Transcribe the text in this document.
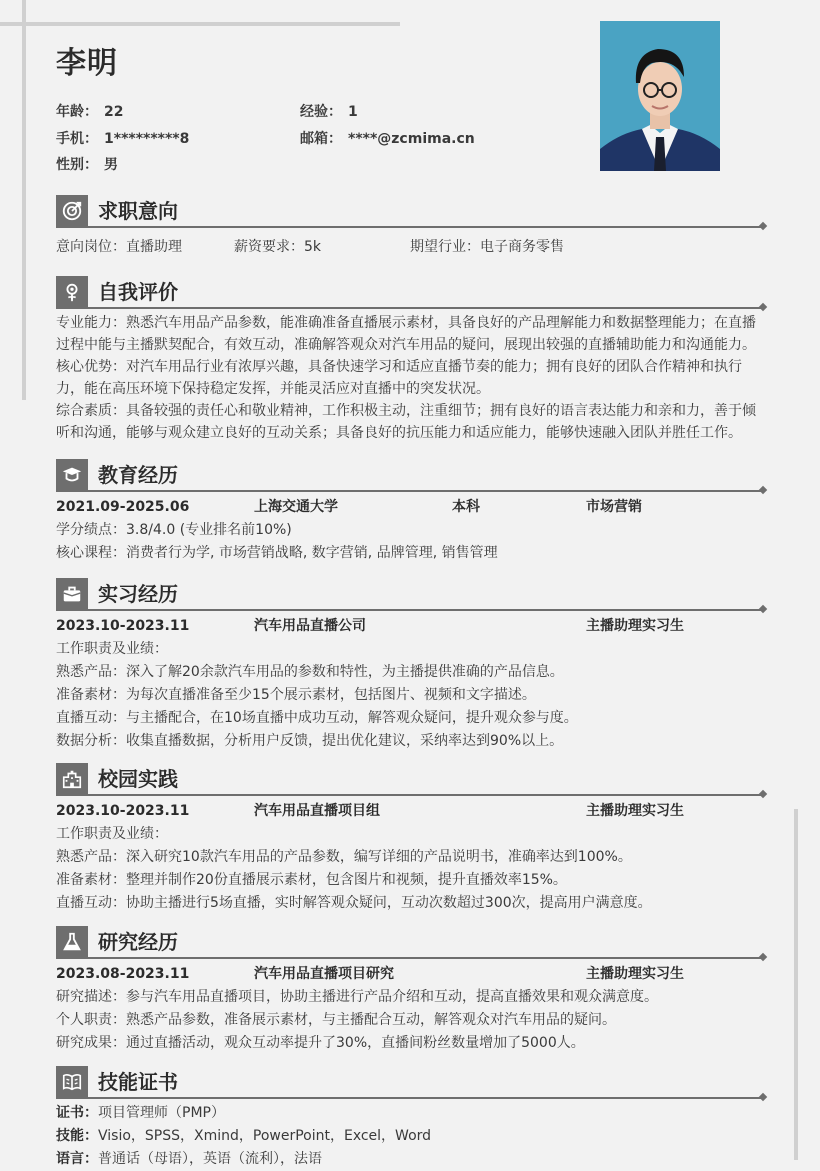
李明
年龄： 22	经验： 1
手机： 1*********8	邮箱： ****@zcmima.cn
性别： 男
求职意向
意向岗位：直播助理	薪资要求：5k	期望行业：电子商务零售
自我评价
专业能力：熟悉汽车用品产品参数，能准确准备直播展示素材，具备良好的产品理解能力和数据整理能力；在直播过程中能与主播默契配合，有效互动，准确解答观众对汽车用品的疑问，展现出较强的直播辅助能力和沟通能力。
核心优势：对汽车用品行业有浓厚兴趣，具备快速学习和适应直播节奏的能力；拥有良好的团队合作精神和执行力，能在高压环境下保持稳定发挥，并能灵活应对直播中的突发状况。
综合素质：具备较强的责任心和敬业精神，工作积极主动，注重细节；拥有良好的语言表达能力和亲和力，善于倾听和沟通，能够与观众建立良好的互动关系；具备良好的抗压能力和适应能力，能够快速融入团队并胜任工作。
教育经历
2021.09-2025.06	上海交通大学	本科	市场营销
学分绩点：3.8/4.0 (专业排名前10%)
核心课程：消费者行为学, 市场营销战略, 数字营销, 品牌管理, 销售管理
实习经历
2023.10-2023.11	汽车用品直播公司	主播助理实习生
工作职责及业绩：
熟悉产品：深入了解20余款汽车用品的参数和特性，为主播提供准确的产品信息。
准备素材：为每次直播准备至少15个展示素材，包括图片、视频和文字描述。
直播互动：与主播配合，在10场直播中成功互动，解答观众疑问，提升观众参与度。
数据分析：收集直播数据，分析用户反馈，提出优化建议，采纳率达到90%以上。
校园实践
2023.10-2023.11	汽车用品直播项目组	主播助理实习生
工作职责及业绩：
熟悉产品：深入研究10款汽车用品的产品参数，编写详细的产品说明书，准确率达到100%。
准备素材：整理并制作20份直播展示素材，包含图片和视频，提升直播效率15%。
直播互动：协助主播进行5场直播，实时解答观众疑问，互动次数超过300次，提高用户满意度。
研究经历
2023.08-2023.11	汽车用品直播项目研究	主播助理实习生
研究描述：参与汽车用品直播项目，协助主播进行产品介绍和互动，提高直播效果和观众满意度。
个人职责：熟悉产品参数，准备展示素材，与主播配合互动，解答观众对汽车用品的疑问。
研究成果：通过直播活动，观众互动率提升了30%，直播间粉丝数量增加了5000人。
技能证书
证书：项目管理师（PMP）
技能：Visio，SPSS，Xmind，PowerPoint，Excel，Word
语言：普通话（母语），英语（流利），法语
